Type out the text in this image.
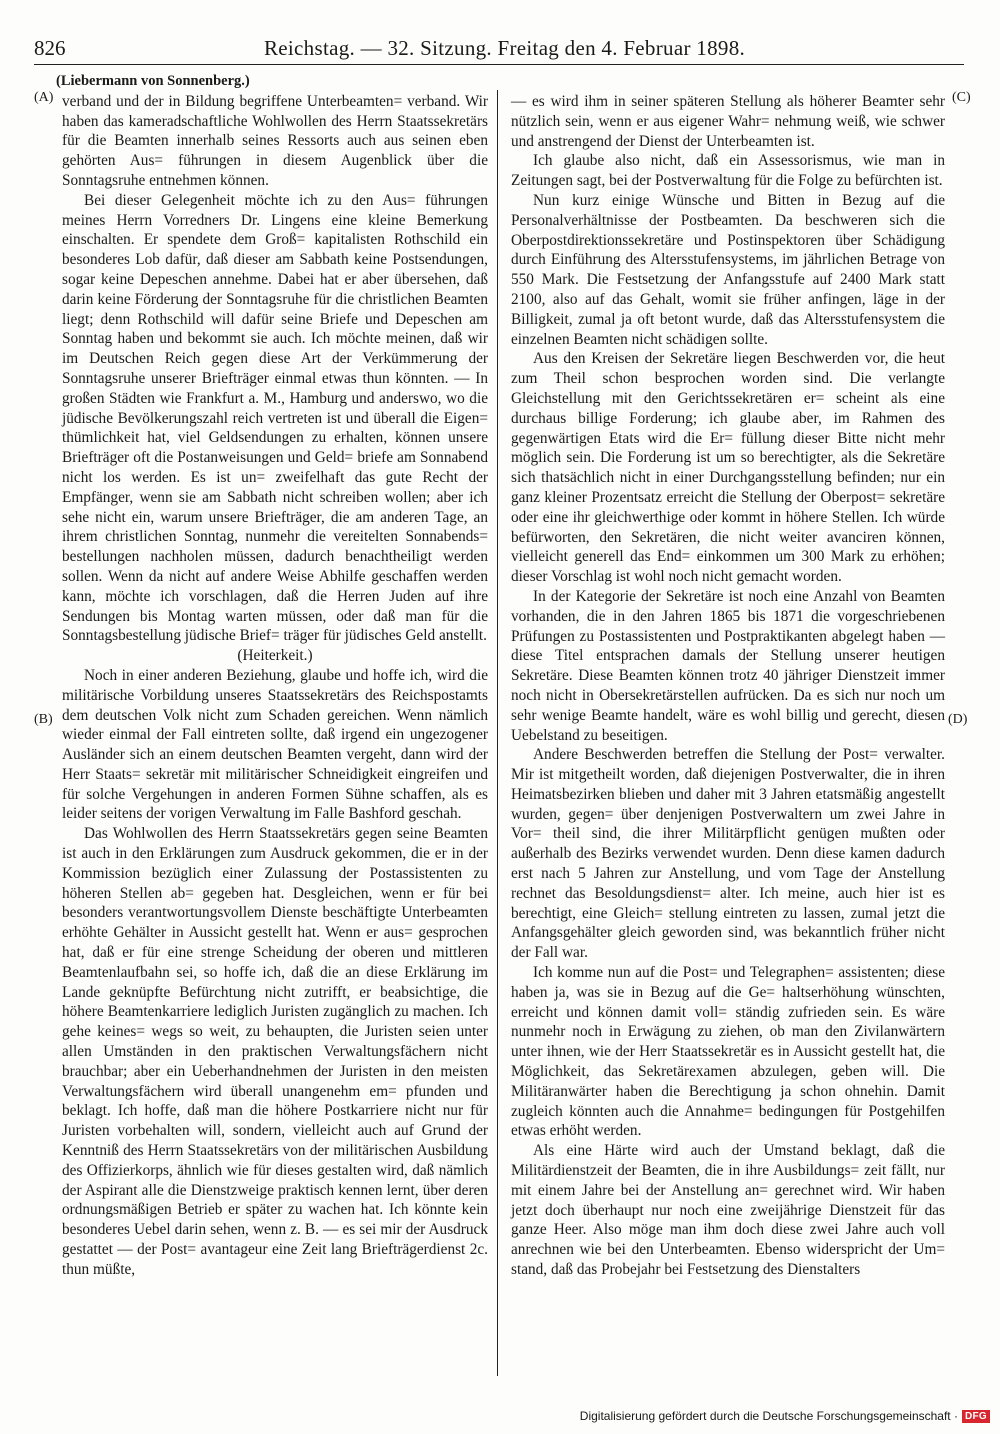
826	Reichstag. — 32. Sitzung. Freitag den 4. Februar 1898.
(A)
(B)
(C)
(D)
(Liebermann von Sonnenberg.)

verband und der in Bildung begriffene Unterbeamten= verband. Wir haben das kameradschaftliche Wohlwollen des Herrn Staatssekretärs für die Beamten innerhalb seines Ressorts auch aus seinen eben gehörten Aus= führungen in diesem Augenblick über die Sonntagsruhe entnehmen können.

Bei dieser Gelegenheit möchte ich zu den Aus= führungen meines Herrn Vorredners Dr. Lingens eine kleine Bemerkung einschalten. Er spendete dem Groß= kapitalisten Rothschild ein besonderes Lob dafür, daß dieser am Sabbath keine Postsendungen, sogar keine Depeschen annehme. Dabei hat er aber übersehen, daß darin keine Förderung der Sonntagsruhe für die christlichen Beamten liegt; denn Rothschild will dafür seine Briefe und Depeschen am Sonntag haben und bekommt sie auch. Ich möchte meinen, daß wir im Deutschen Reich gegen diese Art der Verkümmerung der Sonntagsruhe unserer Briefträger einmal etwas thun könnten. — In großen Städten wie Frankfurt a. M., Hamburg und anderswo, wo die jüdische Bevölkerungszahl reich vertreten ist und überall die Eigen= thümlichkeit hat, viel Geldsendungen zu erhalten, können unsere Briefträger oft die Postanweisungen und Geld= briefe am Sonnabend nicht los werden. Es ist un= zweifelhaft das gute Recht der Empfänger, wenn sie am Sabbath nicht schreiben wollen; aber ich sehe nicht ein, warum unsere Briefträger, die am anderen Tage, an ihrem christlichen Sonntag, nunmehr die vereitelten Sonnabends= bestellungen nachholen müssen, dadurch benachtheiligt werden sollen. Wenn da nicht auf andere Weise Abhilfe geschaffen werden kann, möchte ich vorschlagen, daß die Herren Juden auf ihre Sendungen bis Montag warten müssen, oder daß man für die Sonntagsbestellung jüdische Brief= träger für jüdisches Geld anstellt.

(Heiterkeit.)

Noch in einer anderen Beziehung, glaube und hoffe ich, wird die militärische Vorbildung unseres Staatssekretärs des Reichspostamts dem deutschen Volk nicht zum Schaden gereichen. Wenn nämlich wieder einmal der Fall eintreten sollte, daß irgend ein ungezogener Ausländer sich an einem deutschen Beamten vergeht, dann wird der Herr Staats= sekretär mit militärischer Schneidigkeit eingreifen und für solche Vergehungen in anderen Formen Sühne schaffen, als es leider seitens der vorigen Verwaltung im Falle Bashford geschah.

Das Wohlwollen des Herrn Staatssekretärs gegen seine Beamten ist auch in den Erklärungen zum Ausdruck gekommen, die er in der Kommission bezüglich einer Zulassung der Postassistenten zu höheren Stellen ab= gegeben hat. Desgleichen, wenn er für bei besonders verantwortungsvollem Dienste beschäftigte Unterbeamten erhöhte Gehälter in Aussicht gestellt hat. Wenn er aus= gesprochen hat, daß er für eine strenge Scheidung der oberen und mittleren Beamtenlaufbahn sei, so hoffe ich, daß die an diese Erklärung im Lande geknüpfte Befürchtung nicht zutrifft, er beabsichtige, die höhere Beamtenkarriere lediglich Juristen zugänglich zu machen. Ich gehe keines= wegs so weit, zu behaupten, die Juristen seien unter allen Umständen in den praktischen Verwaltungsfächern nicht brauchbar; aber ein Ueberhandnehmen der Juristen in den meisten Verwaltungsfächern wird überall unangenehm em= pfunden und beklagt. Ich hoffe, daß man die höhere Postkarriere nicht nur für Juristen vorbehalten will, sondern, vielleicht auch auf Grund der Kenntniß des Herrn Staatssekretärs von der militärischen Ausbildung des Offizierkorps, ähnlich wie für dieses gestalten wird, daß nämlich der Aspirant alle die Dienstzweige praktisch kennen lernt, über deren ordnungsmäßigen Betrieb er später zu wachen hat. Ich könnte kein besonderes Uebel darin sehen, wenn z. B. — es sei mir der Ausdruck gestattet — der Post= avantageur eine Zeit lang Briefträgerdienst 2c. thun müßte,

— es wird ihm in seiner späteren Stellung als höherer Beamter sehr nützlich sein, wenn er aus eigener Wahr= nehmung weiß, wie schwer und anstrengend der Dienst der Unterbeamten ist.

Ich glaube also nicht, daß ein Assessorismus, wie man in Zeitungen sagt, bei der Postverwaltung für die Folge zu befürchten ist.

Nun kurz einige Wünsche und Bitten in Bezug auf die Personalverhältnisse der Postbeamten. Da beschweren sich die Oberpostdirektionssekretäre und Postinspektoren über Schädigung durch Einführung des Altersstufensystems, im jährlichen Betrage von 550 Mark. Die Festsetzung der Anfangsstufe auf 2400 Mark statt 2100, also auf das Gehalt, womit sie früher anfingen, läge in der Billigkeit, zumal ja oft betont wurde, daß das Altersstufensystem die einzelnen Beamten nicht schädigen sollte.

Aus den Kreisen der Sekretäre liegen Beschwerden vor, die heut zum Theil schon besprochen worden sind. Die verlangte Gleichstellung mit den Gerichtssekretären er= scheint als eine durchaus billige Forderung; ich glaube aber, im Rahmen des gegenwärtigen Etats wird die Er= füllung dieser Bitte nicht mehr möglich sein. Die Forderung ist um so berechtigter, als die Sekretäre sich thatsächlich nicht in einer Durchgangsstellung befinden; nur ein ganz kleiner Prozentsatz erreicht die Stellung der Oberpost= sekretäre oder eine ihr gleichwerthige oder kommt in höhere Stellen. Ich würde befürworten, den Sekretären, die nicht weiter avanciren können, vielleicht generell das End= einkommen um 300 Mark zu erhöhen; dieser Vorschlag ist wohl noch nicht gemacht worden.

In der Kategorie der Sekretäre ist noch eine Anzahl von Beamten vorhanden, die in den Jahren 1865 bis 1871 die vorgeschriebenen Prüfungen zu Postassistenten und Postpraktikanten abgelegt haben — diese Titel entsprachen damals der Stellung unserer heutigen Sekretäre. Diese Beamten können trotz 40 jähriger Dienstzeit immer noch nicht in Obersekretärstellen aufrücken. Da es sich nur noch um sehr wenige Beamte handelt, wäre es wohl billig und gerecht, diesen Uebelstand zu beseitigen.

Andere Beschwerden betreffen die Stellung der Post= verwalter. Mir ist mitgetheilt worden, daß diejenigen Postverwalter, die in ihren Heimatsbezirken blieben und daher mit 3 Jahren etatsmäßig angestellt wurden, gegen= über denjenigen Postverwaltern um zwei Jahre in Vor= theil sind, die ihrer Militärpflicht genügen mußten oder außerhalb des Bezirks verwendet wurden. Denn diese kamen dadurch erst nach 5 Jahren zur Anstellung, und vom Tage der Anstellung rechnet das Besoldungsdienst= alter. Ich meine, auch hier ist es berechtigt, eine Gleich= stellung eintreten zu lassen, zumal jetzt die Anfangsgehälter gleich geworden sind, was bekanntlich früher nicht der Fall war.

Ich komme nun auf die Post= und Telegraphen= assistenten; diese haben ja, was sie in Bezug auf die Ge= haltserhöhung wünschten, erreicht und können damit voll= ständig zufrieden sein. Es wäre nunmehr noch in Erwägung zu ziehen, ob man den Zivilanwärtern unter ihnen, wie der Herr Staatssekretär es in Aussicht gestellt hat, die Möglichkeit, das Sekretärexamen abzulegen, geben will. Die Militäranwärter haben die Berechtigung ja schon ohnehin. Damit zugleich könnten auch die Annahme= bedingungen für Postgehilfen etwas erhöht werden.

Als eine Härte wird auch der Umstand beklagt, daß die Militärdienstzeit der Beamten, die in ihre Ausbildungs= zeit fällt, nur mit einem Jahre bei der Anstellung an= gerechnet wird. Wir haben jetzt doch überhaupt nur noch eine zweijährige Dienstzeit für das ganze Heer. Also möge man ihm doch diese zwei Jahre auch voll anrechnen wie bei den Unterbeamten. Ebenso widerspricht der Um= stand, daß das Probejahr bei Festsetzung des Dienstalters

Digitalisierung gefördert durch die Deutsche Forschungsgemeinschaft · DFG
